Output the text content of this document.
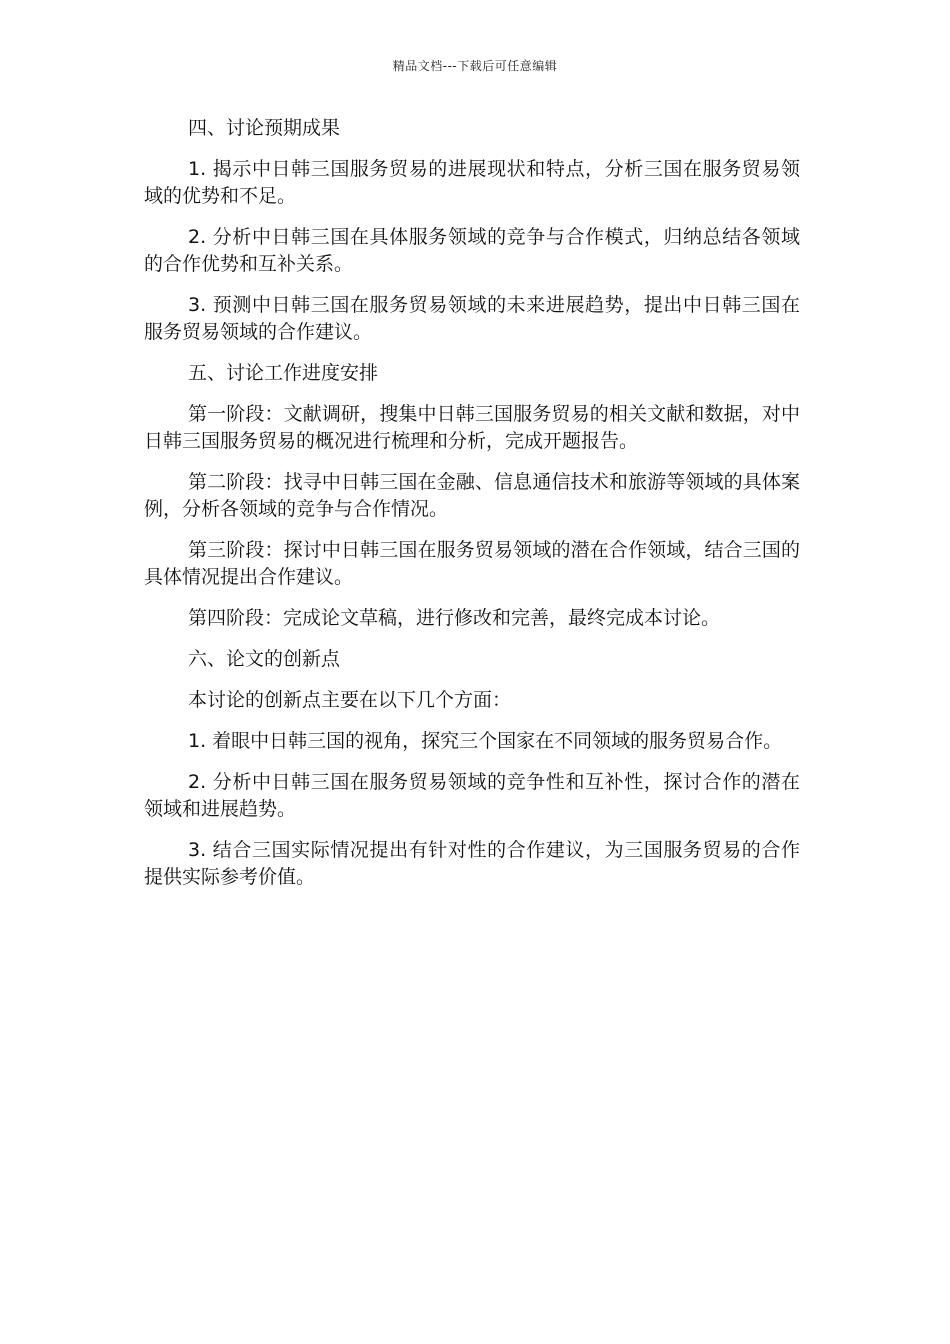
精品文档---下载后可任意编辑

四、讨论预期成果

1. 揭示中日韩三国服务贸易的进展现状和特点，分析三国在服务贸易领域的优势和不足。

2. 分析中日韩三国在具体服务领域的竞争与合作模式，归纳总结各领域的合作优势和互补关系。

3. 预测中日韩三国在服务贸易领域的未来进展趋势，提出中日韩三国在服务贸易领域的合作建议。

五、讨论工作进度安排

第一阶段：文献调研，搜集中日韩三国服务贸易的相关文献和数据，对中日韩三国服务贸易的概况进行梳理和分析，完成开题报告。

第二阶段：找寻中日韩三国在金融、信息通信技术和旅游等领域的具体案例，分析各领域的竞争与合作情况。

第三阶段：探讨中日韩三国在服务贸易领域的潜在合作领域，结合三国的具体情况提出合作建议。

第四阶段：完成论文草稿，进行修改和完善，最终完成本讨论。

六、论文的创新点

本讨论的创新点主要在以下几个方面：

1. 着眼中日韩三国的视角，探究三个国家在不同领域的服务贸易合作。

2. 分析中日韩三国在服务贸易领域的竞争性和互补性，探讨合作的潜在领域和进展趋势。

3. 结合三国实际情况提出有针对性的合作建议，为三国服务贸易的合作提供实际参考价值。
